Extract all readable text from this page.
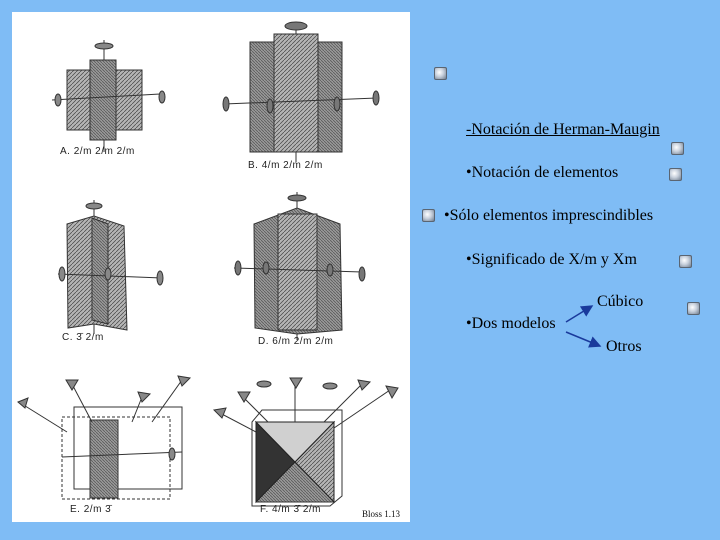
A. 2/m 2/m 2/m
B. 4/m 2/m 2/m
C. 3̄ 2/m	D. 6/m 2/m 2/m
E. 2/m 3̄	F. 4/m 3̄ 2/m	Bloss 1.13
-Notación de Herman-Maugin
•Notación de elementos
•Sólo elementos imprescindibles
•Significado de X/m y Xm
•Dos modelos
Cúbico
Otros
